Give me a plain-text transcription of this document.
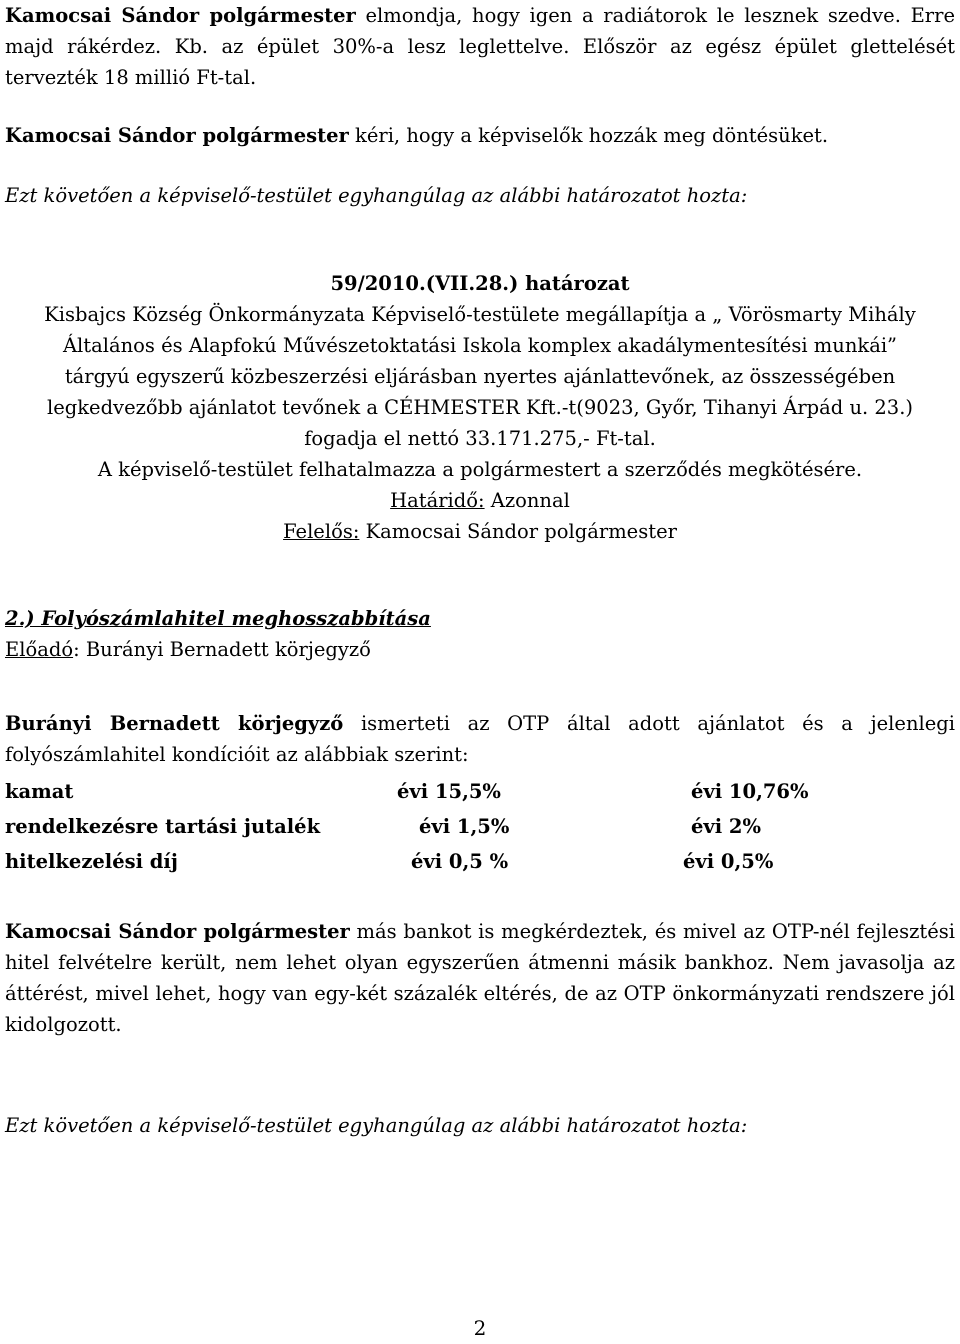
Kamocsai Sándor polgármester elmondja, hogy igen a radiátorok le lesznek szedve. Erre majd rákérdez. Kb. az épület 30%-a lesz leglettelve. Először az egész épület glettelését tervezték 18 millió Ft-tal.

Kamocsai Sándor polgármester kéri, hogy a képviselők hozzák meg döntésüket.

Ezt követően a képviselő-testület egyhangúlag az alábbi határozatot hozta:

59/2010.(VII.28.) határozat

Kisbajcs Község Önkormányzata Képviselő-testülete megállapítja a „ Vörösmarty Mihály

Általános és Alapfokú Művészetoktatási Iskola komplex akadálymentesítési munkái”

tárgyú egyszerű közbeszerzési eljárásban nyertes ajánlattevőnek, az összességében

legkedvezőbb ajánlatot tevőnek a CÉHMESTER Kft.-t(9023, Győr, Tihanyi Árpád u. 23.)

fogadja el nettó 33.171.275,- Ft-tal.

A képviselő-testület felhatalmazza a polgármestert a szerződés megkötésére.

Határidő: Azonnal

Felelős: Kamocsai Sándor polgármester

2.) Folyószámlahitel meghosszabbítása

Előadó: Burányi Bernadett körjegyző

Burányi Bernadett körjegyző ismerteti az OTP által adott ajánlatot és a jelenlegi folyószámlahitel kondícióit az alábbiak szerint:

kamat	évi 15,5%	évi 10,76%
rendelkezésre tartási jutalék	évi 1,5%	évi 2%
hitelkezelési díj	évi 0,5 %	évi 0,5%

Kamocsai Sándor polgármester más bankot is megkérdeztek, és mivel az OTP-nél fejlesztési hitel felvételre került, nem lehet olyan egyszerűen átmenni másik bankhoz. Nem javasolja az áttérést, mivel lehet, hogy van egy-két százalék eltérés, de az OTP önkormányzati rendszere jól kidolgozott.

Ezt követően a képviselő-testület egyhangúlag az alábbi határozatot hozta:

2
